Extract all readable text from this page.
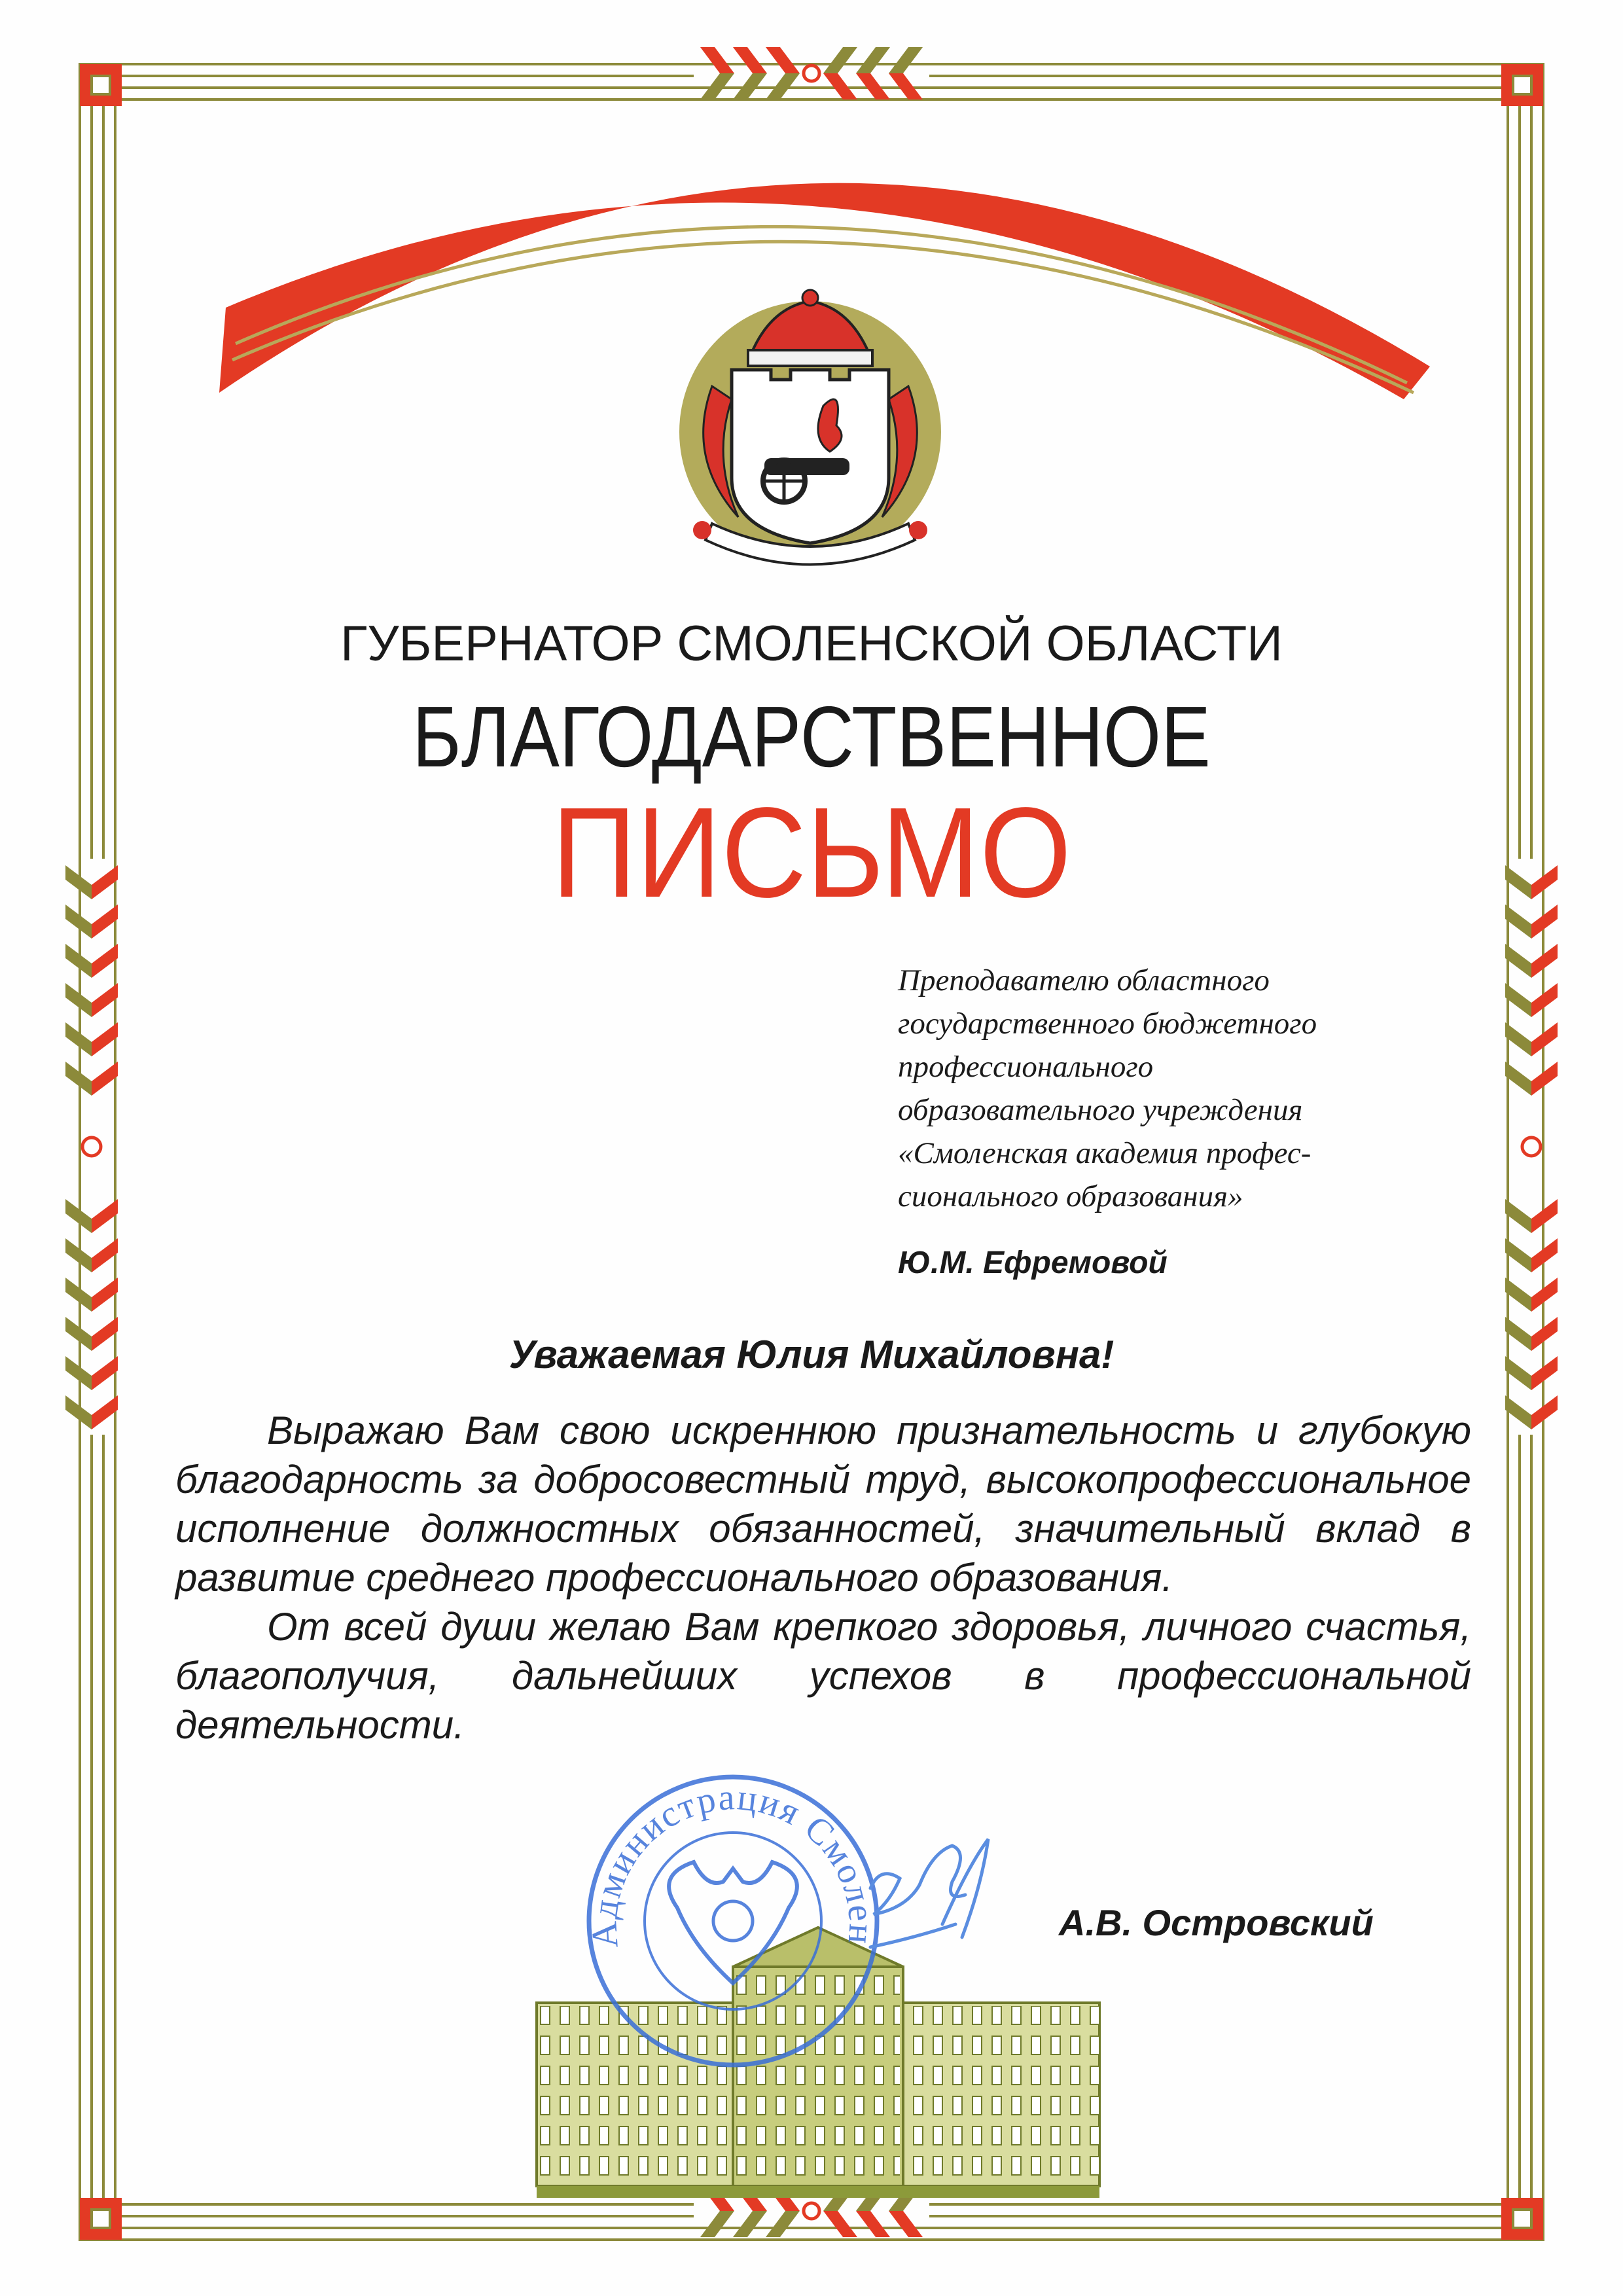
Администрация Смоленской области
ГУБЕРНАТОР СМОЛЕНСКОЙ ОБЛАСТИ
БЛАГОДАРСТВЕННОЕ
ПИСЬМО
Преподавателю областного
государственного бюджетного
профессионального
образовательного учреждения
«Смоленская академия профес-
сионального образования»
Ю.М. Ефремовой
Уважаемая Юлия Михайловна!

Выражаю Вам свою искреннюю признательность и глубокую благодарность за добросовестный труд, высокопрофессиональное исполнение должностных обязанностей, значительный вклад в развитие среднего профессионального образования.

От всей души желаю Вам крепкого здоровья, личного счастья, благополучия, дальнейших успехов в профессиональной деятельности.

А.В. Островский
